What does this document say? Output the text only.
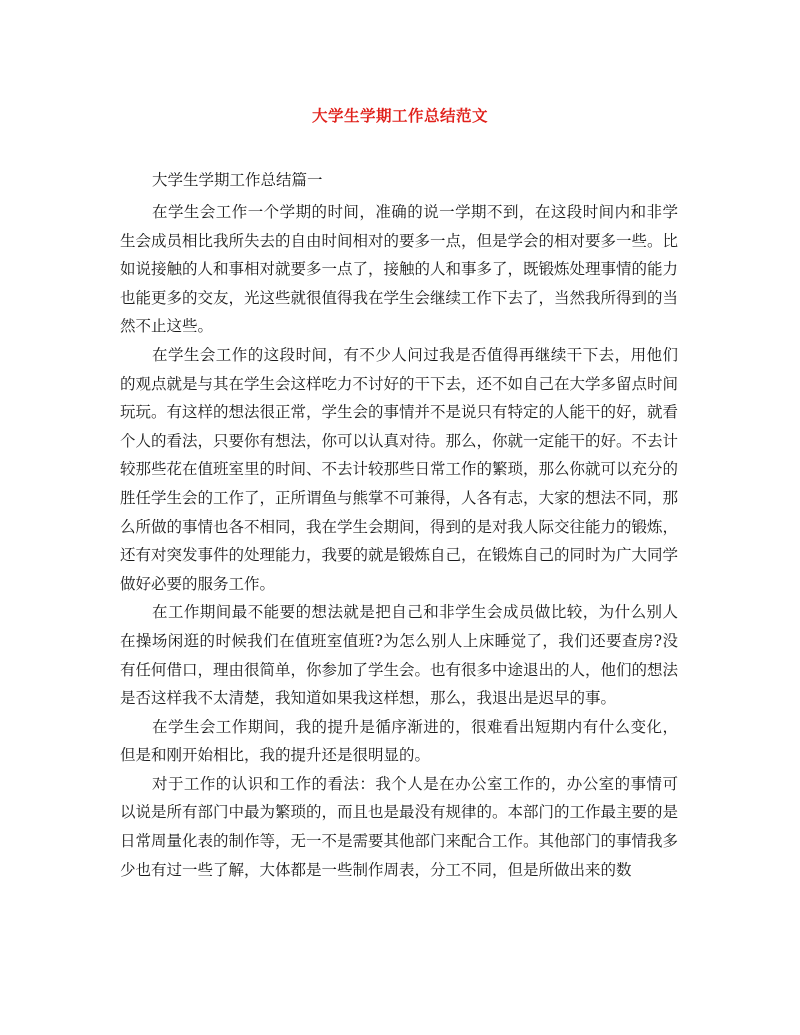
大学生学期工作总结范文
大学生学期工作总结篇一

在学生会工作一个学期的时间，准确的说一学期不到，在这段时间内和非学生会成员相比我所失去的自由时间相对的要多一点，但是学会的相对要多一些。比如说接触的人和事相对就要多一点了，接触的人和事多了，既锻炼处理事情的能力也能更多的交友，光这些就很值得我在学生会继续工作下去了，当然我所得到的当然不止这些。

在学生会工作的这段时间，有不少人问过我是否值得再继续干下去，用他们的观点就是与其在学生会这样吃力不讨好的干下去，还不如自己在大学多留点时间玩玩。有这样的想法很正常，学生会的事情并不是说只有特定的人能干的好，就看个人的看法，只要你有想法，你可以认真对待。那么，你就一定能干的好。不去计较那些花在值班室里的时间、不去计较那些日常工作的繁琐，那么你就可以充分的胜任学生会的工作了，正所谓鱼与熊掌不可兼得，人各有志，大家的想法不同，那么所做的事情也各不相同，我在学生会期间，得到的是对我人际交往能力的锻炼，还有对突发事件的处理能力，我要的就是锻炼自己，在锻炼自己的同时为广大同学做好必要的服务工作。

在工作期间最不能要的想法就是把自己和非学生会成员做比较，为什么别人在操场闲逛的时候我们在值班室值班?为怎么别人上床睡觉了，我们还要查房?没有任何借口，理由很简单，你参加了学生会。也有很多中途退出的人，他们的想法是否这样我不太清楚，我知道如果我这样想，那么，我退出是迟早的事。

在学生会工作期间，我的提升是循序渐进的，很难看出短期内有什么变化，但是和刚开始相比，我的提升还是很明显的。

对于工作的认识和工作的看法：我个人是在办公室工作的，办公室的事情可以说是所有部门中最为繁琐的，而且也是最没有规律的。本部门的工作最主要的是日常周量化表的制作等，无一不是需要其他部门来配合工作。其他部门的事情我多少也有过一些了解，大体都是一些制作周表，分工不同，但是所做出来的数
